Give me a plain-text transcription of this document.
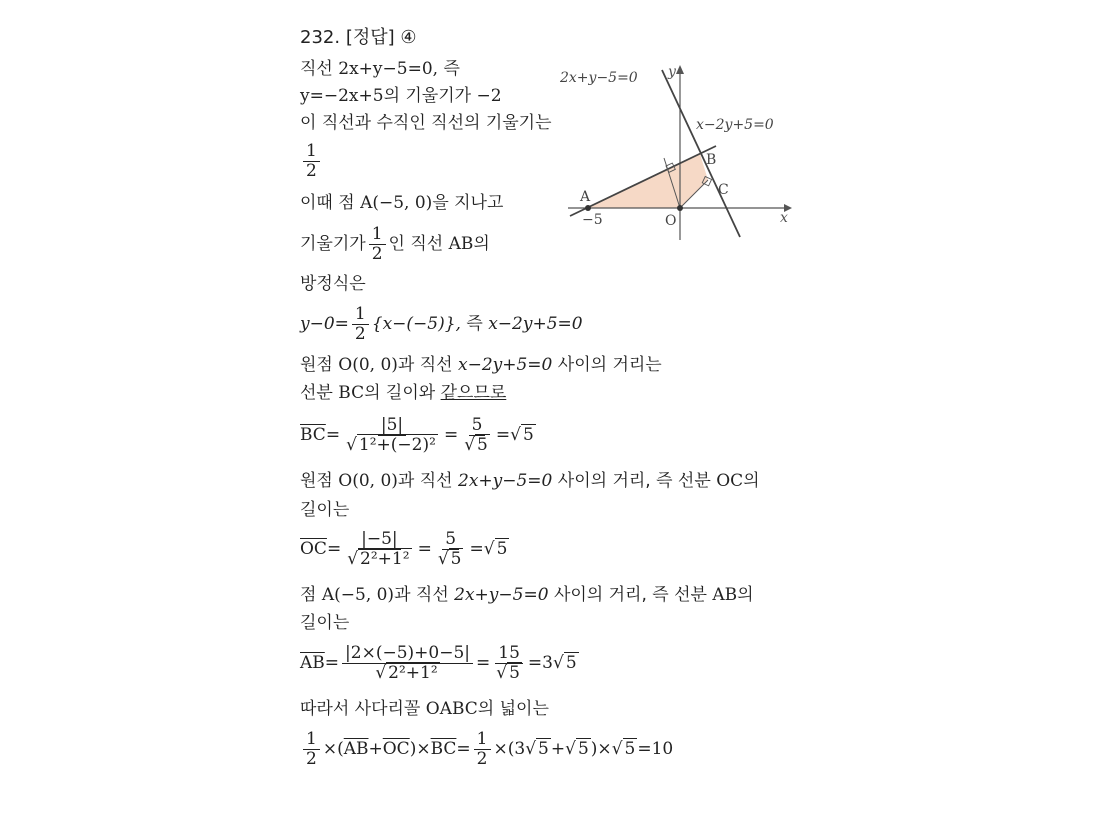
232.
[정답]
④
직선
2x+y−5=0,
즉
y=−2x+5 의 기울기가
−2
이 직선과 수직인 직선의 기울기는
$\frac{1}{2}$
이때 점
A(−5, 0) 을 지나고
기울기가 $\frac{1}{2}$ 인 직선
AB 의
방정식은
$y-0= \frac{1}{2} \{x-(-5)\}$,
즉
x−2y+5=0
원점
O(0, 0) 과 직선
x−2y+5=0
사이의 거리는
선분
BC 의 길이와
같으므로
$\overline{BC} = \frac{|5|}{\text{√ 1²+(−2)²}} = \frac{5}{√ 5}$ = √ 5
원점
O(0, 0) 과 직선
2x+y−5=0
사이의 거리, 즉 선분
OC 의
길이는
$\overline{OC} = \frac{|-5|}{\text{√ 2²+1²}} = \frac{5}{√ 5}$ = √ 5
점
A(−5, 0) 과 직선
2x+y−5=0
사이의 거리, 즉 선분
AB 의
길이는
$\overline{AB} = \frac{|2\times(-5)+0-5|}{\text{√ 2²+1²}} = \frac{15}{√ 5} =3$ √ 5
따라서 사다리꼴
OABC 의 넓이는
$\frac{1}{2}$ ×( $\overline{AB} + \overline{OC}$ )× $\overline{BC} = \frac{1}{2} \times(3$ √ 5 + √ 5 )× √ 5 = 10
2x+y−5=0
x−2y+5=0
y
x
A
B
C
O
−5
